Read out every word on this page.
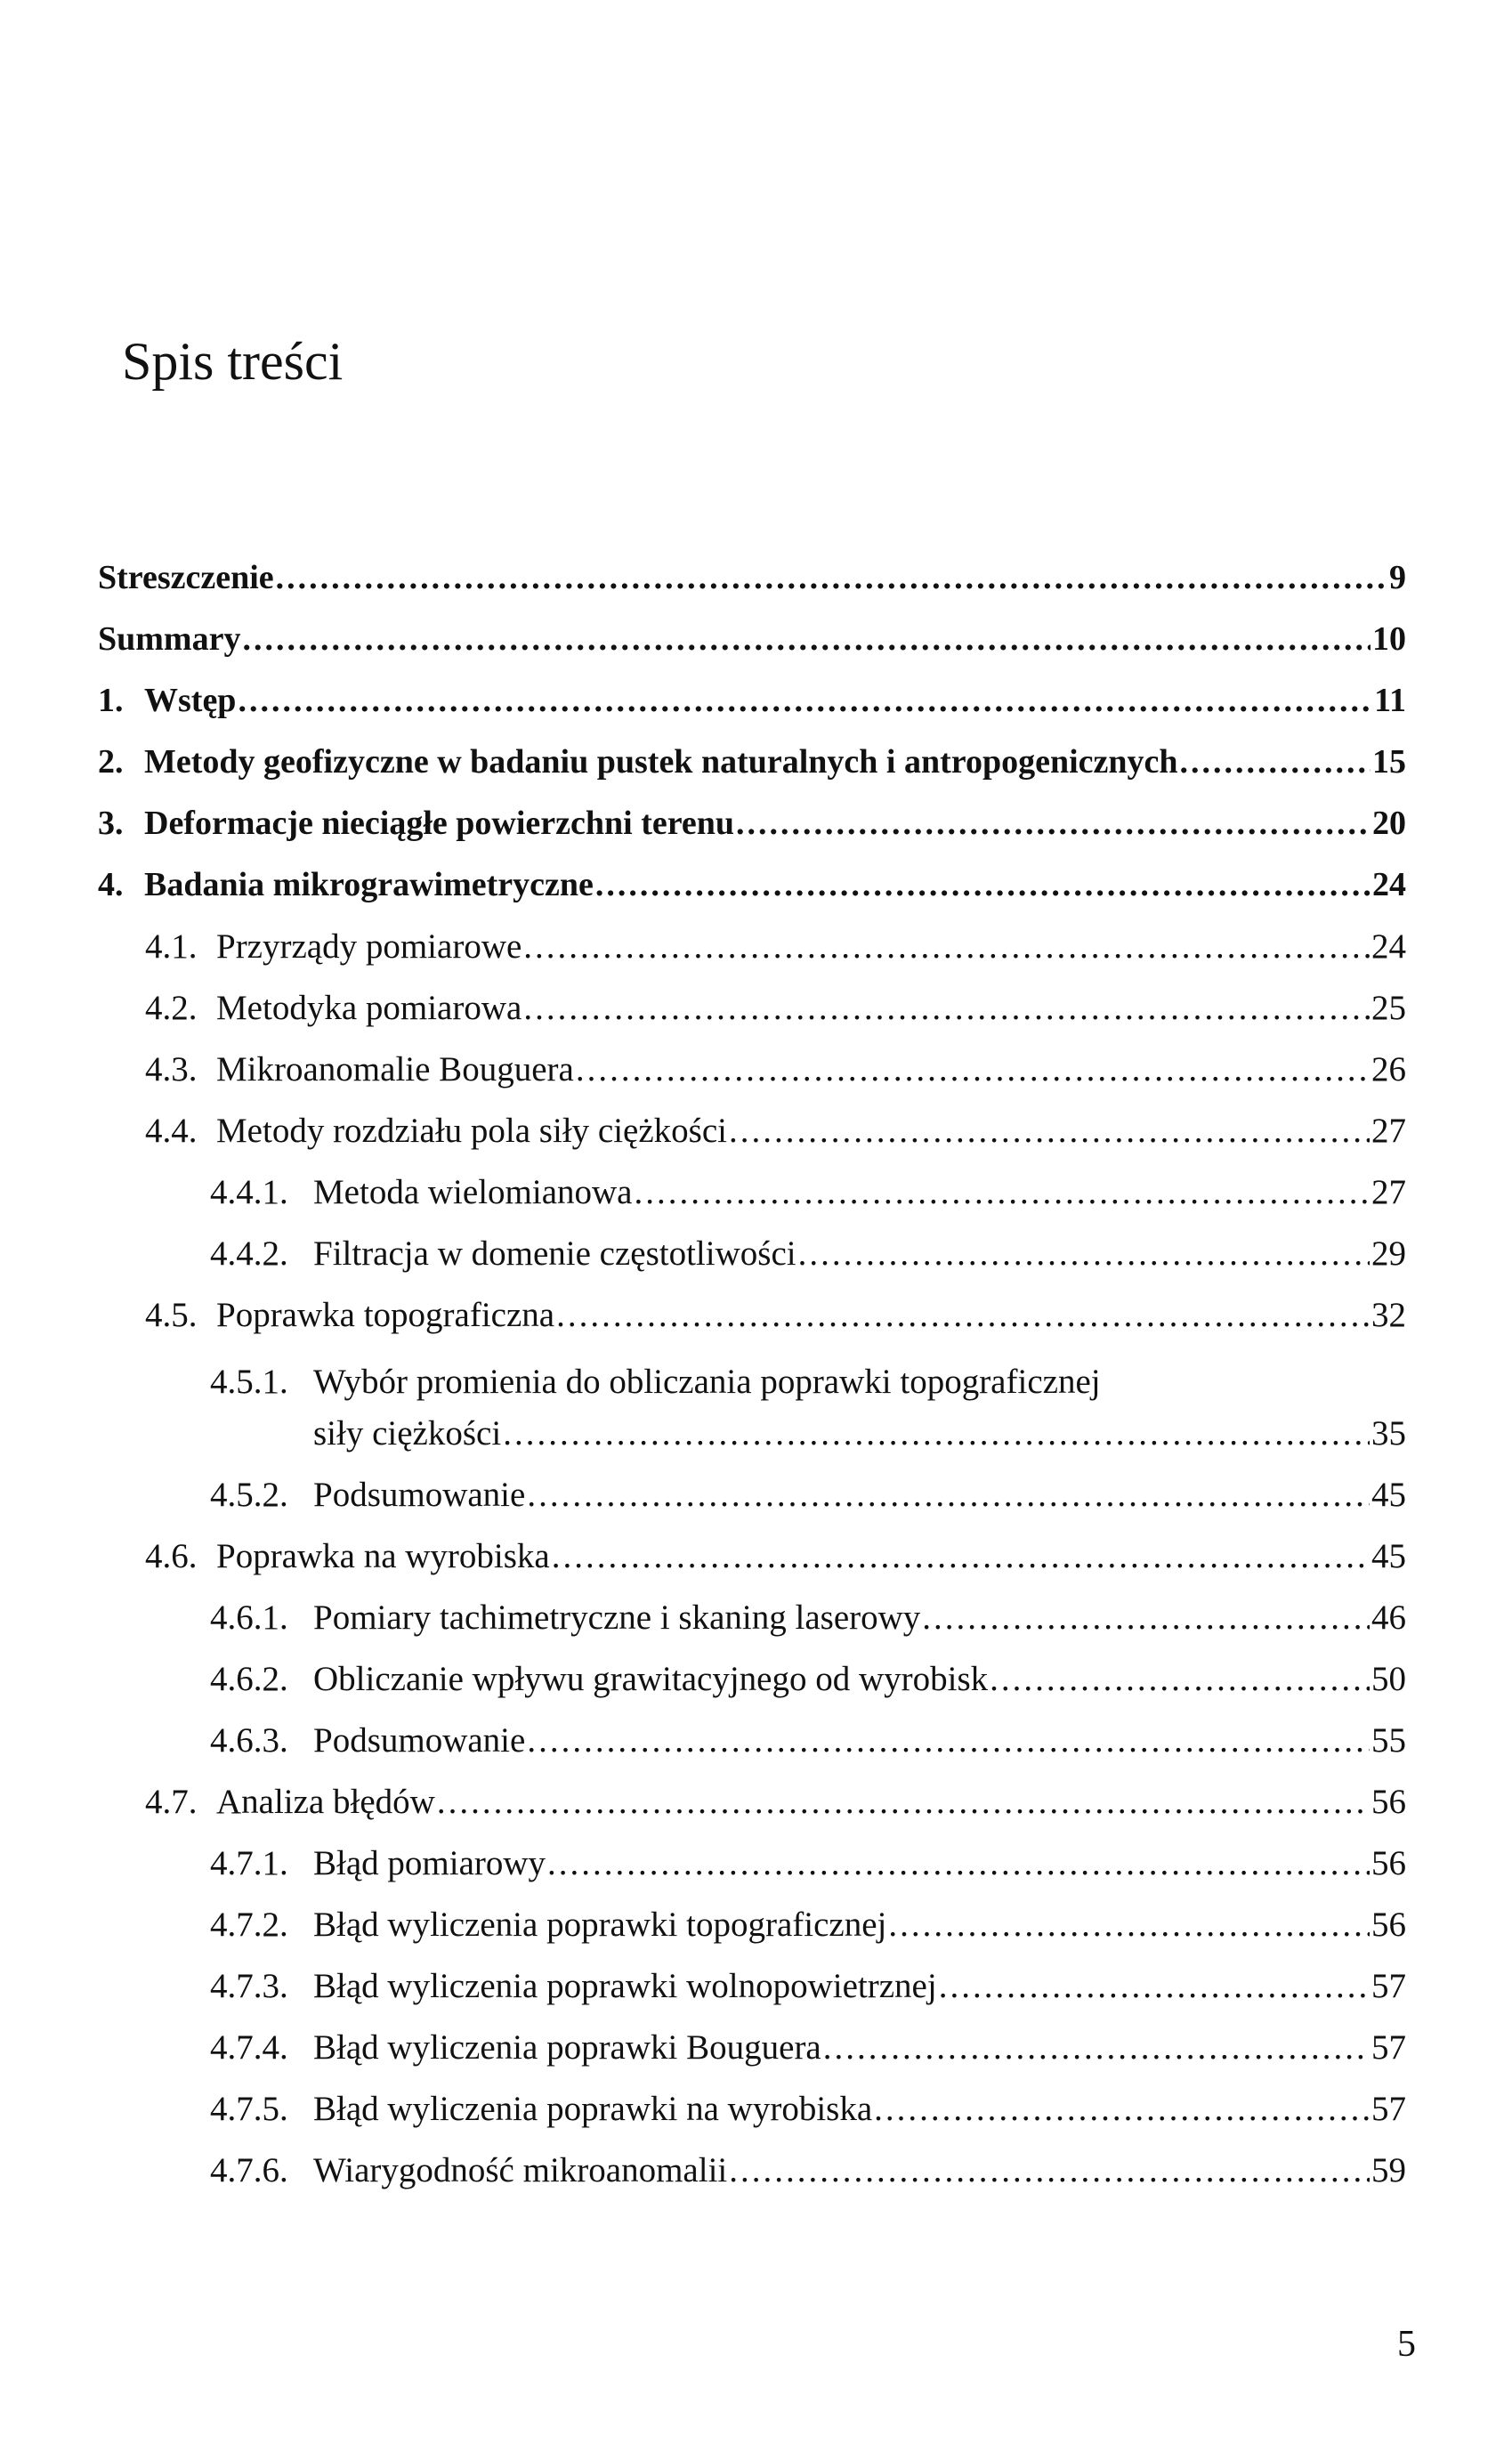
Spis treści
Streszczenie .....	9
Summary .....	10
1. Wstęp .....	11
2. Metody geofizyczne w badaniu pustek naturalnych i antropogenicznych .....	15
3. Deformacje nieciągłe powierzchni terenu .....	20
4. Badania mikrograwimetryczne .....	24
4.1. Przyrządy pomiarowe .....	24
4.2. Metodyka pomiarowa .....	25
4.3. Mikroanomalie Bouguera .....	26
4.4. Metody rozdziału pola siły ciężkości .....	27
4.4.1. Metoda wielomianowa .....	27
4.4.2. Filtracja w domenie częstotliwości .....	29
4.5. Poprawka topograficzna .....	32
4.5.1. Wybór promienia do obliczania poprawki topograficznej
siły ciężkości .....	35
4.5.2. Podsumowanie .....	45
4.6. Poprawka na wyrobiska .....	45
4.6.1. Pomiary tachimetryczne i skaning laserowy .....	46
4.6.2. Obliczanie wpływu grawitacyjnego od wyrobisk .....	50
4.6.3. Podsumowanie .....	55
4.7. Analiza błędów .....	56
4.7.1. Błąd pomiarowy .....	56
4.7.2. Błąd wyliczenia poprawki topograficznej .....	56
4.7.3. Błąd wyliczenia poprawki wolnopowietrznej .....	57
4.7.4. Błąd wyliczenia poprawki Bouguera .....	57
4.7.5. Błąd wyliczenia poprawki na wyrobiska .....	57
4.7.6. Wiarygodność mikroanomalii .....	59
5
